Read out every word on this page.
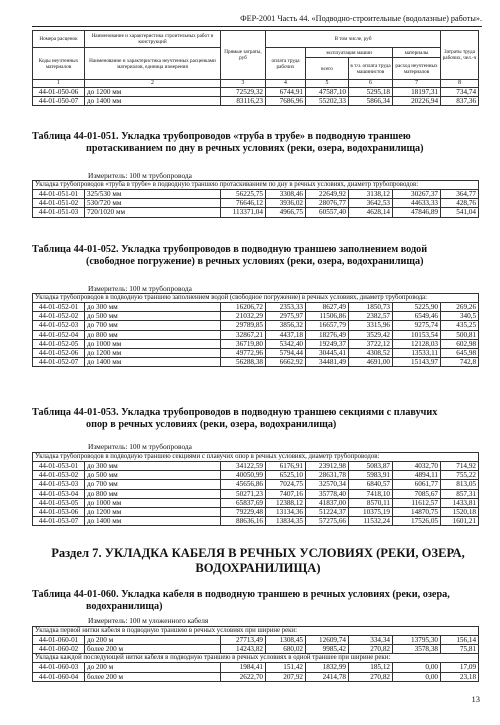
ФЕР-2001 Часть 44. «Подводно-строительные (водолазные) работы».
Номера расценок	Наименование и характеристика строительных работ и конструкций	Прямые затраты, руб	В том числе, руб				Затраты труда рабочих, чел.-ч
Коды неучтенных материалов	Наименование и характеристика неучтенных расценками материалов, единица измерения		оплата труда рабочих	эксплуатация машин		материалы	
				всего	в т.ч. оплата труда машинистов	расход неучтенных материалов	
1	2	3	4	5	6	7	8
44-01-050-06	до 1200 мм	72529,32	6744,91	47587,10	5295,18	18197,31	734,74
44-01-050-07	до 1400 мм	83116,23	7686,96	55202,33	5866,34	20226,94	837,36
Таблица 44-01-051. Укладка трубопроводов «труба в трубе» в подводную траншею
протаскиванием по дну в речных условиях (реки, озера, водохранилища)
Измеритель: 100 м трубопровода
Укладка трубопроводов «труба в трубе» в подводную траншею протаскиванием по дну в речных условиях, диаметр трубопроводов:							
44-01-051-01	325/530 мм	56225,75	3308,46	22649,92	3138,12	30267,37	364,77
44-01-051-02	530/720 мм	76646,12	3936,02	28076,77	3642,53	44633,33	428,76
44-01-051-03	720/1020 мм	113371,04	4966,75	60557,40	4628,14	47846,89	541,04
Таблица 44-01-052. Укладка трубопроводов в подводную траншею заполнением водой
(свободное погружение) в речных условиях (реки, озера, водохранилища)
Измеритель: 100 м трубопровода
Укладка трубопроводов в подводную траншею заполнением водой (свободное погружение) в речных условиях, диаметр трубопровода:							
44-01-052-01	до 300 мм	16206,72	2353,33	8627,49	1850,73	5225,90	269,26
44-01-052-02	до 500 мм	21032,29	2975,97	11506,86	2382,57	6549,46	340,5
44-01-052-03	до 700 мм	29789,85	3856,32	16657,79	3315,96	9275,74	435,25
44-01-052-04	до 800 мм	32867,21	4437,18	18276,49	3529,42	10153,54	500,81
44-01-052-05	до 1000 мм	36719,80	5342,40	19249,37	3722,12	12128,03	602,98
44-01-052-06	до 1200 мм	49772,96	5794,44	30445,41	4308,52	13533,11	645,98
44-01-052-07	до 1400 мм	56288,38	6662,92	34481,49	4691,00	15143,97	742,8
Таблица 44-01-053. Укладка трубопроводов в подводную траншею секциями с плавучих
опор в речных условиях (реки, озера, водохранилища)
Измеритель: 100 м трубопровода
Укладка трубопроводов в подводную траншею секциями с плавучих опор в речных условиях, диаметр трубопроводов:							
44-01-053-01	до 300 мм	34122,59	6176,91	23912,98	5083,87	4032,70	714,92
44-01-053-02	до 500 мм	40050,99	6525,10	28631,78	5983,91	4894,11	755,22
44-01-053-03	до 700 мм	45656,86	7024,75	32570,34	6840,57	6061,77	813,05
44-01-053-04	до 800 мм	50271,23	7407,16	35778,40	7418,10	7085,67	857,31
44-01-053-05	до 1000 мм	65837,69	12388,12	41837,00	8570,11	11612,57	1433,81
44-01-053-06	до 1200 мм	79229,48	13134,36	51224,37	10375,19	14870,75	1520,18
44-01-053-07	до 1400 мм	88636,16	13834,35	57275,66	11532,24	17526,05	1601,21
Раздел 7. УКЛАДКА КАБЕЛЯ В РЕЧНЫХ УСЛОВИЯХ (РЕКИ, ОЗЕРА,
ВОДОХРАНИЛИЩА)
Таблица 44-01-060. Укладка кабеля в подводную траншею в речных условиях (реки, озера,
водохранилища)
Измеритель: 100 м уложенного кабеля
Укладка первой нитки кабеля в подводную траншею в речных условиях при ширине реки:							
44-01-060-01	до 200 м	27713,49	1308,45	12609,74	334,34	13795,30	156,14
44-01-060-02	более 200 м	14243,82	680,02	9985,42	270,82	3578,38	75,81
Укладка каждой последующей нитки кабеля в подводную траншею в речных условиях в одной траншее при ширине реки:							
44-01-060-03	до 200 м	1984,41	151,42	1832,99	185,12	0,00	17,09
44-01-060-04	более 200 м	2622,70	207,92	2414,78	270,82	0,00	23,18
13
